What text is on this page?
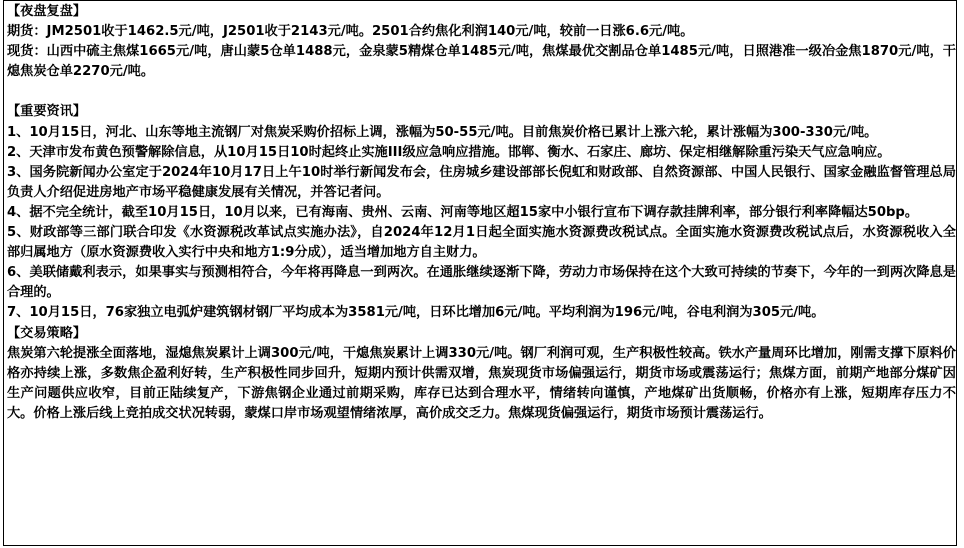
【夜盘复盘】
期货：JM2501收于1462.5元/吨，J2501收于2143元/吨。2501合约焦化利润140元/吨，较前一日涨6.6元/吨。
现货：山西中硫主焦煤1665元/吨，唐山蒙5仓单1488元，金泉蒙5精煤仓单1485元/吨，焦煤最优交割品仓单1485元/吨，日照港准一级冶金焦1870元/吨，干熄焦炭仓单2270元/吨。
【重要资讯】
1、10月15日，河北、山东等地主流钢厂对焦炭采购价招标上调，涨幅为50-55元/吨。目前焦炭价格已累计上涨六轮，累计涨幅为300-330元/吨。
2、天津市发布黄色预警解除信息，从10月15日10时起终止实施III级应急响应措施。邯郸、衡水、石家庄、廊坊、保定相继解除重污染天气应急响应。
3、国务院新闻办公室定于2024年10月17日上午10时举行新闻发布会，住房城乡建设部部长倪虹和财政部、自然资源部、中国人民银行、国家金融监督管理总局负责人介绍促进房地产市场平稳健康发展有关情况，并答记者问。
4、据不完全统计，截至10月15日，10月以来，已有海南、贵州、云南、河南等地区超15家中小银行宣布下调存款挂牌利率，部分银行利率降幅达50bp。
5、财政部等三部门联合印发《水资源税改革试点实施办法》，自2024年12月1日起全面实施水资源费改税试点。全面实施水资源费改税试点后，水资源税收入全部归属地方（原水资源费收入实行中央和地方1:9分成），适当增加地方自主财力。
6、美联储戴利表示，如果事实与预测相符合，今年将再降息一到两次。在通胀继续逐渐下降，劳动力市场保持在这个大致可持续的节奏下，今年的一到两次降息是合理的。
7、10月15日，76家独立电弧炉建筑钢材钢厂平均成本为3581元/吨，日环比增加6元/吨。平均利润为196元/吨，谷电利润为305元/吨。
【交易策略】
焦炭第六轮提涨全面落地，湿熄焦炭累计上调300元/吨，干熄焦炭累计上调330元/吨。钢厂利润可观，生产积极性较高。铁水产量周环比增加，刚需支撑下原料价格亦持续上涨，多数焦企盈利好转，生产积极性同步回升，短期内预计供需双增，焦炭现货市场偏强运行，期货市场或震荡运行；焦煤方面，前期产地部分煤矿因生产问题供应收窄，目前正陆续复产，下游焦钢企业通过前期采购，库存已达到合理水平，情绪转向谨慎，产地煤矿出货顺畅，价格亦有上涨，短期库存压力不大。价格上涨后线上竞拍成交状况转弱，蒙煤口岸市场观望情绪浓厚，高价成交乏力。焦煤现货偏强运行，期货市场预计震荡运行。
